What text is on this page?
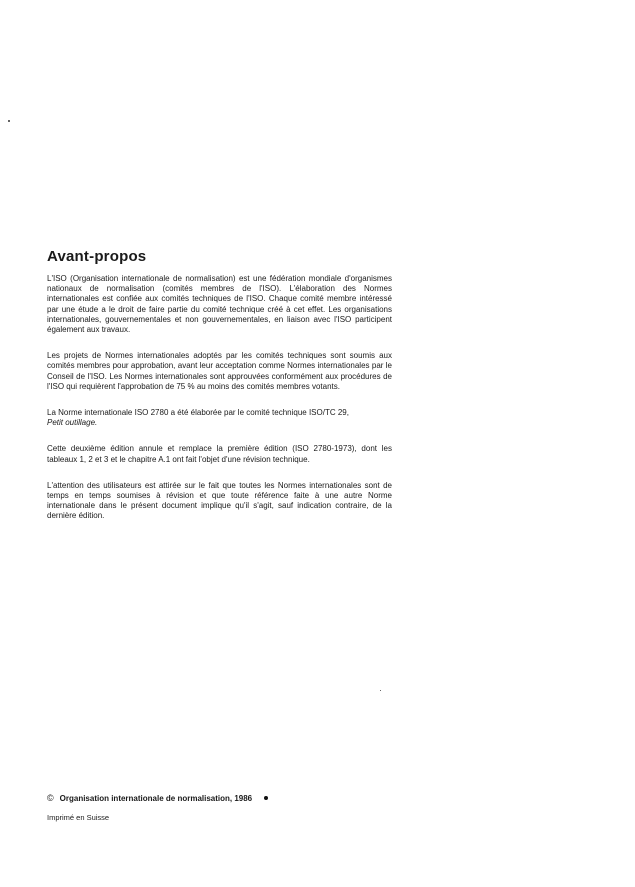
Avant-propos

L'ISO (Organisation internationale de normalisation) est une fédération mondiale d'organismes nationaux de normalisation (comités membres de l'ISO). L'élaboration des Normes internationales est confiée aux comités techniques de l'ISO. Chaque comité membre intéressé par une étude a le droit de faire partie du comité technique créé à cet effet. Les organisations internationales, gouvernementales et non gouvernementales, en liaison avec l'ISO participent également aux travaux.

Les projets de Normes internationales adoptés par les comités techniques sont soumis aux comités membres pour approbation, avant leur acceptation comme Normes internationales par le Conseil de l'ISO. Les Normes internationales sont approuvées conformément aux procédures de l'ISO qui requièrent l'approbation de 75 % au moins des comités membres votants.

La Norme internationale ISO 2780 a été élaborée par le comité technique ISO/TC 29,
Petit outillage.

Cette deuxième édition annule et remplace la première édition (ISO 2780-1973), dont les tableaux 1, 2 et 3 et le chapitre A.1 ont fait l'objet d'une révision technique.

L'attention des utilisateurs est attirée sur le fait que toutes les Normes internationales sont de temps en temps soumises à révision et que toute référence faite à une autre Norme internationale dans le présent document implique qu'il s'agit, sauf indication contraire, de la dernière édition.

© Organisation internationale de normalisation, 1986
Imprimé en Suisse
